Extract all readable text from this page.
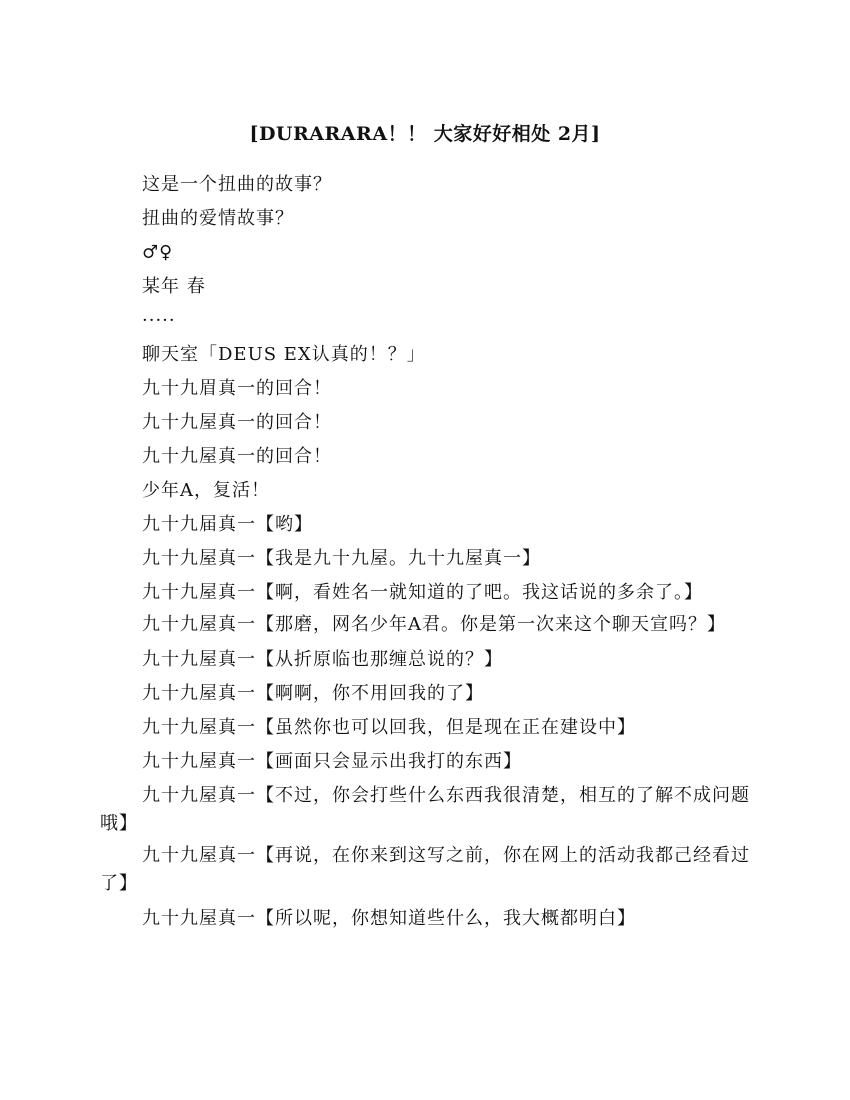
[DURARARA！！ 大家好好相处 2月]

这是一个扭曲的故事？

扭曲的爱情故事？

♂♀

某年 春

·····

聊天室「DEUS EX认真的！？」

九十九眉真一的回合！

九十九屋真一的回合！

九十九屋真一的回合！

少年A，复活！

九十九届真一【哟】

九十九屋真一【我是九十九屋。九十九屋真一】

九十九屋真一【啊，看姓名一就知道的了吧。我这话说的多余了。】

九十九屋真一【那磨，网名少年A君。你是第一次来这个聊天宣吗？】

九十九屋真一【从折原临也那缠总说的？】

九十九屋真一【啊啊，你不用回我的了】

九十九屋真一【虽然你也可以回我，但是现在正在建设中】

九十九屋真一【画面只会显示出我打的东西】

九十九屋真一【不过，你会打些什么东西我很清楚，相互的了解不成问题哦】

九十九屋真一【再说，在你来到这写之前，你在网上的活动我都己经看过了】

九十九屋真一【所以呢，你想知道些什么，我大概都明白】
